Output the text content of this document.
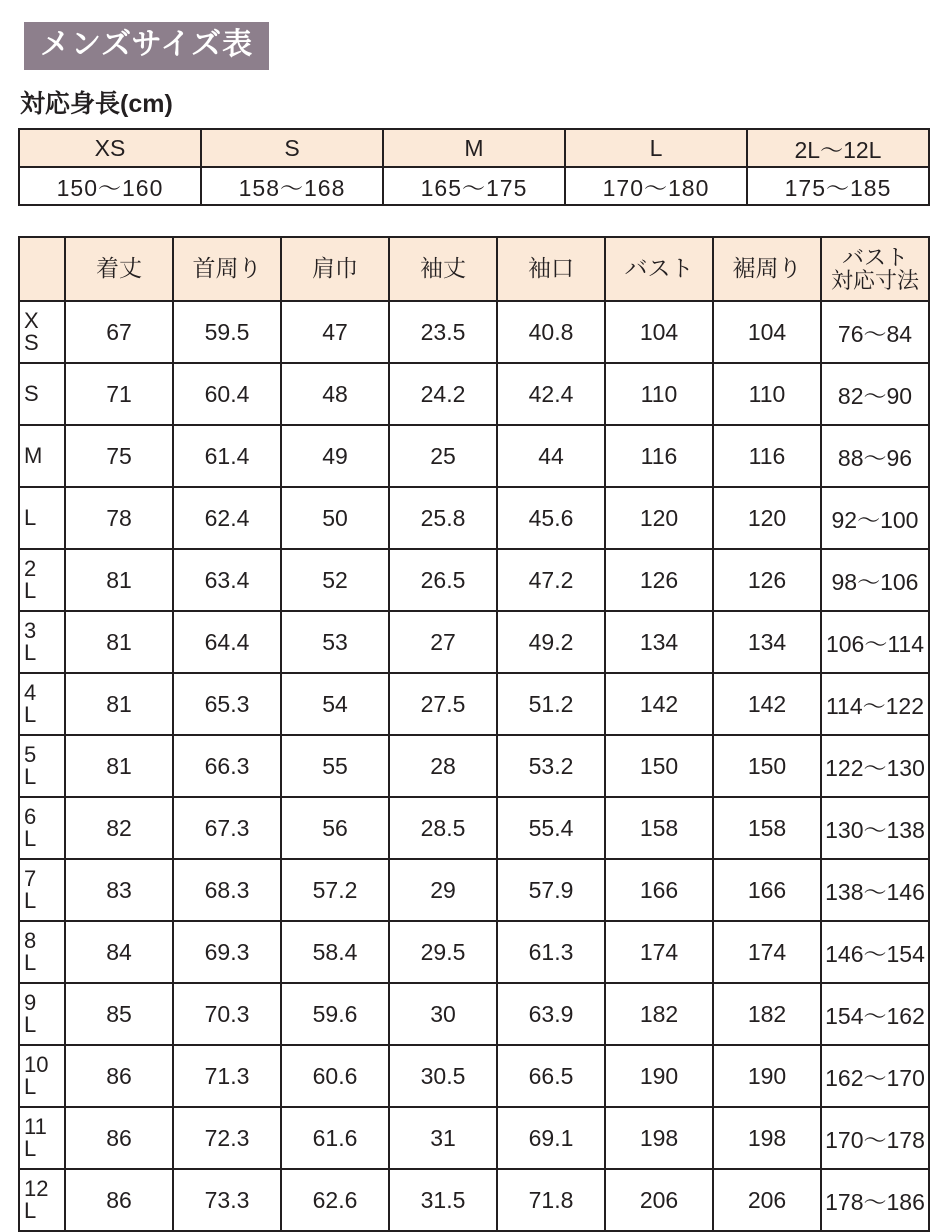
メンズサイズ表
対応身長(cm)
XS	S	M	L	2L〜12L
150〜160	158〜168	165〜175	170〜180	175〜185
	着丈	首周り	肩巾	袖丈	袖口	バスト	裾周り	バスト
対応寸法

X
S	67	59.5	47	23.5	40.8	104	104	76〜84

S	71	60.4	48	24.2	42.4	110	110	82〜90

M	75	61.4	49	25	44	116	116	88〜96

L	78	62.4	50	25.8	45.6	120	120	92〜100

2
L	81	63.4	52	26.5	47.2	126	126	98〜106

3
L	81	64.4	53	27	49.2	134	134	106〜114

4
L	81	65.3	54	27.5	51.2	142	142	114〜122

5
L	81	66.3	55	28	53.2	150	150	122〜130

6
L	82	67.3	56	28.5	55.4	158	158	130〜138

7
L	83	68.3	57.2	29	57.9	166	166	138〜146

8
L	84	69.3	58.4	29.5	61.3	174	174	146〜154

9
L	85	70.3	59.6	30	63.9	182	182	154〜162

10
L	86	71.3	60.6	30.5	66.5	190	190	162〜170

11
L	86	72.3	61.6	31	69.1	198	198	170〜178

12
L	86	73.3	62.6	31.5	71.8	206	206	178〜186
